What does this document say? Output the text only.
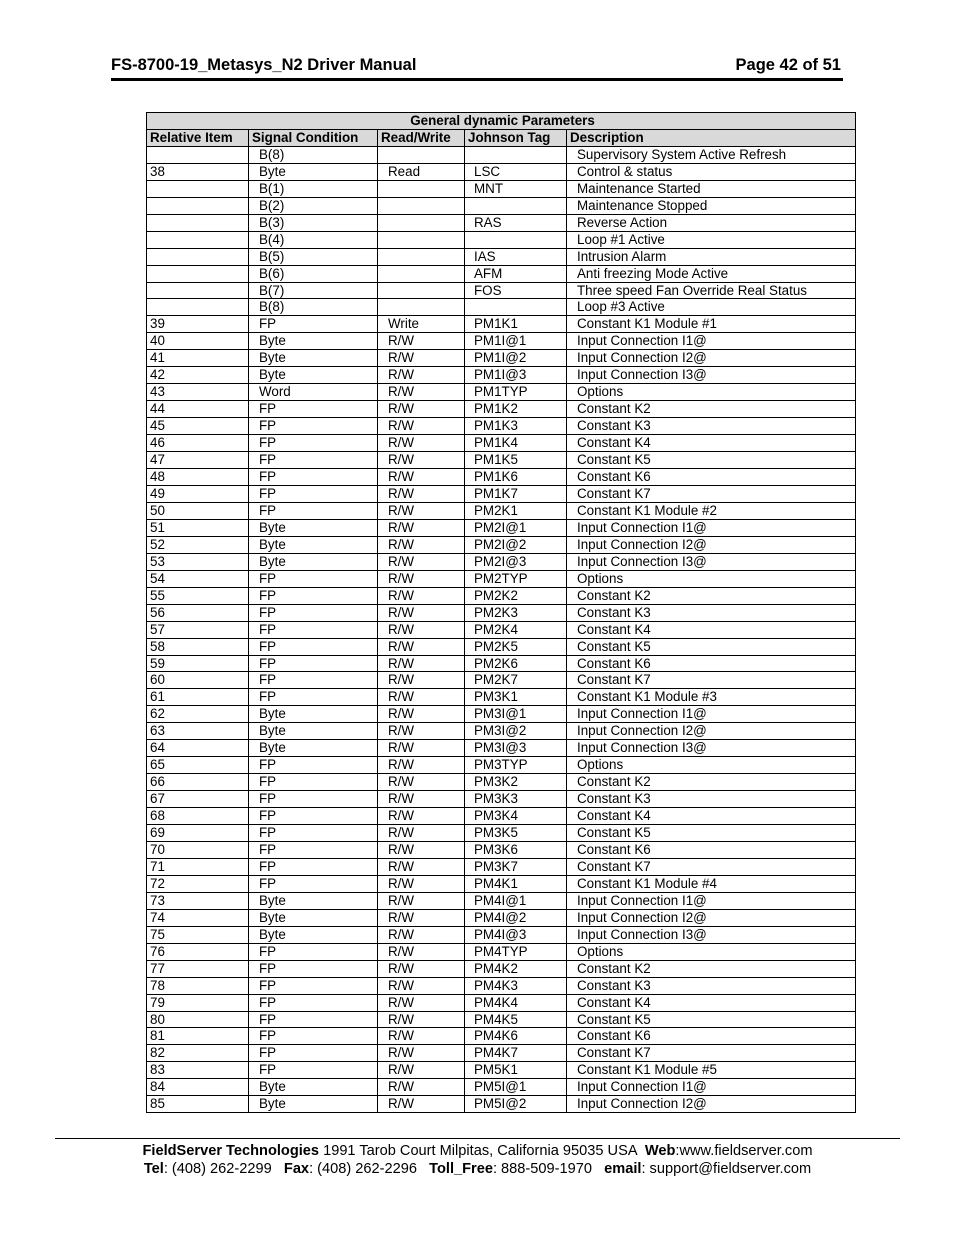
FS-8700-19_Metasys_N2 Driver Manual	Page 42 of 51
General dynamic Parameters				
Relative Item	Signal Condition	Read/Write	Johnson Tag	Description
	B(8)			Supervisory System Active Refresh
38	Byte	Read	LSC	Control & status
	B(1)		MNT	Maintenance Started
	B(2)			Maintenance Stopped
	B(3)		RAS	Reverse Action
	B(4)			Loop #1 Active
	B(5)		IAS	Intrusion Alarm
	B(6)		AFM	Anti freezing Mode Active
	B(7)		FOS	Three speed Fan Override Real Status
	B(8)			Loop #3 Active
39	FP	Write	PM1K1	Constant K1 Module #1
40	Byte	R/W	PM1I@1	Input Connection I1@
41	Byte	R/W	PM1I@2	Input Connection I2@
42	Byte	R/W	PM1I@3	Input Connection I3@
43	Word	R/W	PM1TYP	Options
44	FP	R/W	PM1K2	Constant K2
45	FP	R/W	PM1K3	Constant K3
46	FP	R/W	PM1K4	Constant K4
47	FP	R/W	PM1K5	Constant K5
48	FP	R/W	PM1K6	Constant K6
49	FP	R/W	PM1K7	Constant K7
50	FP	R/W	PM2K1	Constant K1 Module #2
51	Byte	R/W	PM2I@1	Input Connection I1@
52	Byte	R/W	PM2I@2	Input Connection I2@
53	Byte	R/W	PM2I@3	Input Connection I3@
54	FP	R/W	PM2TYP	Options
55	FP	R/W	PM2K2	Constant K2
56	FP	R/W	PM2K3	Constant K3
57	FP	R/W	PM2K4	Constant K4
58	FP	R/W	PM2K5	Constant K5
59	FP	R/W	PM2K6	Constant K6
60	FP	R/W	PM2K7	Constant K7
61	FP	R/W	PM3K1	Constant K1 Module #3
62	Byte	R/W	PM3I@1	Input Connection I1@
63	Byte	R/W	PM3I@2	Input Connection I2@
64	Byte	R/W	PM3I@3	Input Connection I3@
65	FP	R/W	PM3TYP	Options
66	FP	R/W	PM3K2	Constant K2
67	FP	R/W	PM3K3	Constant K3
68	FP	R/W	PM3K4	Constant K4
69	FP	R/W	PM3K5	Constant K5
70	FP	R/W	PM3K6	Constant K6
71	FP	R/W	PM3K7	Constant K7
72	FP	R/W	PM4K1	Constant K1 Module #4
73	Byte	R/W	PM4I@1	Input Connection I1@
74	Byte	R/W	PM4I@2	Input Connection I2@
75	Byte	R/W	PM4I@3	Input Connection I3@
76	FP	R/W	PM4TYP	Options
77	FP	R/W	PM4K2	Constant K2
78	FP	R/W	PM4K3	Constant K3
79	FP	R/W	PM4K4	Constant K4
80	FP	R/W	PM4K5	Constant K5
81	FP	R/W	PM4K6	Constant K6
82	FP	R/W	PM4K7	Constant K7
83	FP	R/W	PM5K1	Constant K1 Module #5
84	Byte	R/W	PM5I@1	Input Connection I1@
85	Byte	R/W	PM5I@2	Input Connection I2@
FieldServer Technologies 1991 Tarob Court Milpitas, California 95035 USA  Web:www.fieldserver.com
Tel: (408) 262-2299   Fax: (408) 262-2296   Toll_Free: 888-509-1970   email: support@fieldserver.com
